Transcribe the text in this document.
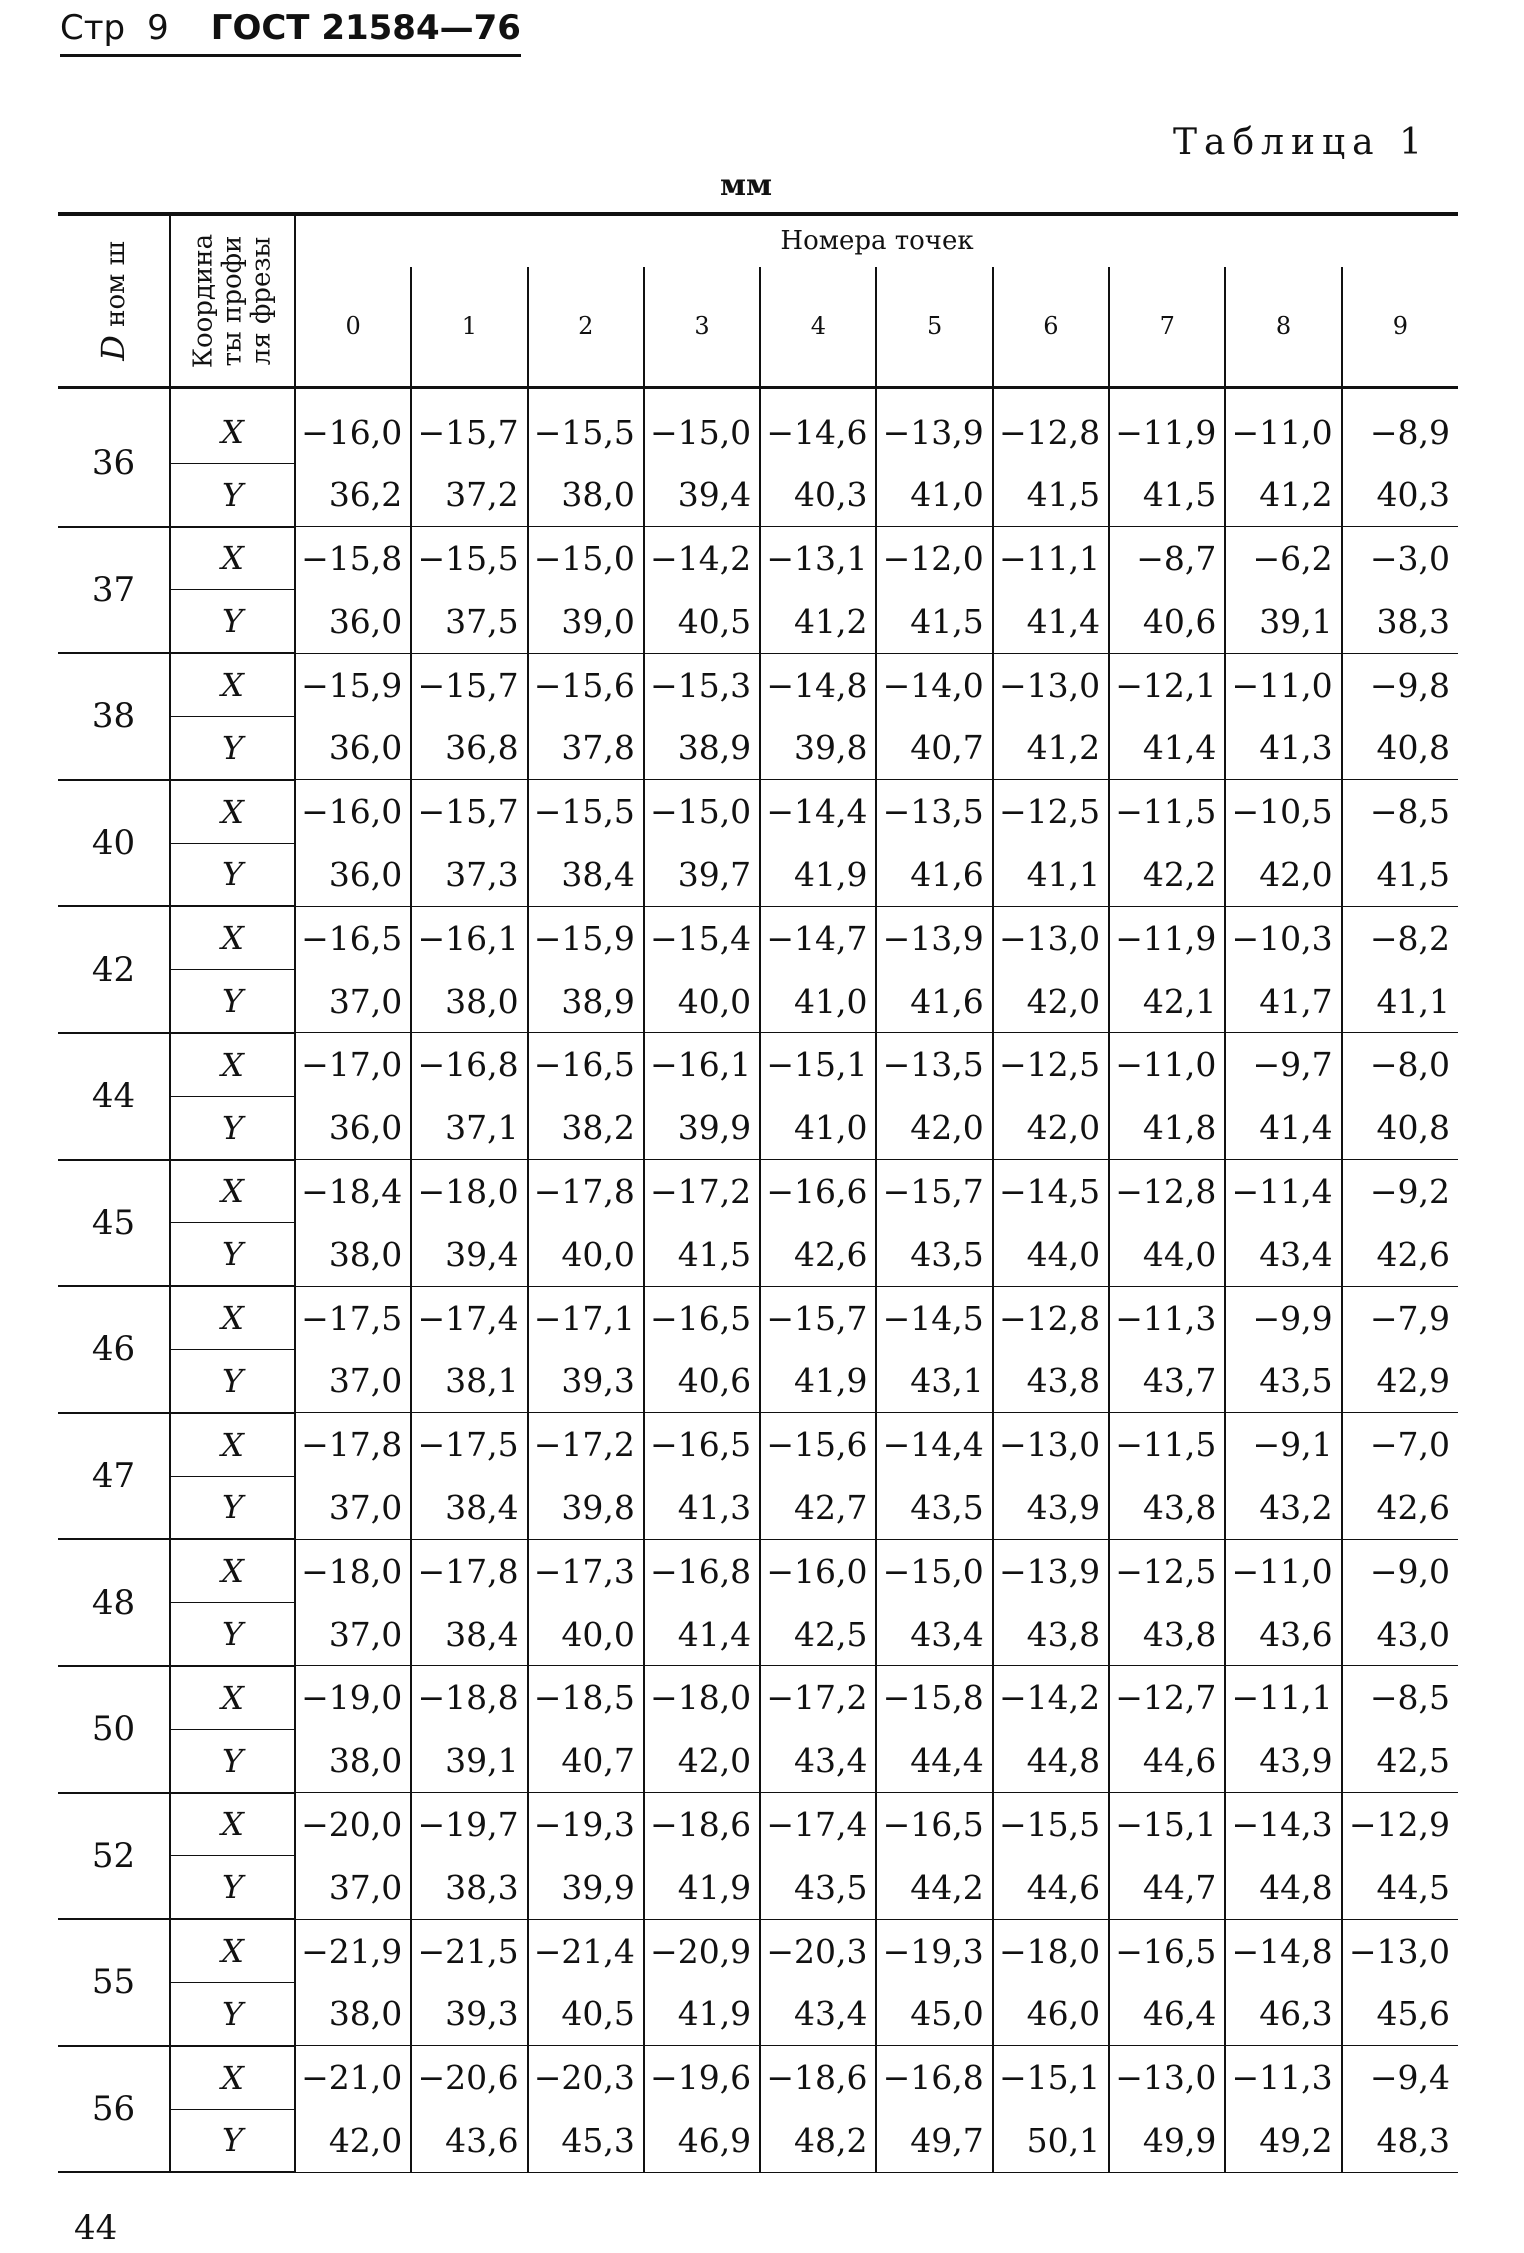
Стр 9 ГОСТ 21584—76
Таблица 1
мм
D ном ш	Координа ты профи ля фрезы	Номера точек									
		0	1	2	3	4	5	6	7	8	9
36	X	−16,0	−15,7	−15,5	−15,0	−14,6	−13,9	−12,8	−11,9	−11,0	−8,9
	Y	36,2	37,2	38,0	39,4	40,3	41,0	41,5	41,5	41,2	40,3
37	X	−15,8	−15,5	−15,0	−14,2	−13,1	−12,0	−11,1	−8,7	−6,2	−3,0
	Y	36,0	37,5	39,0	40,5	41,2	41,5	41,4	40,6	39,1	38,3
38	X	−15,9	−15,7	−15,6	−15,3	−14,8	−14,0	−13,0	−12,1	−11,0	−9,8
	Y	36,0	36,8	37,8	38,9	39,8	40,7	41,2	41,4	41,3	40,8
40	X	−16,0	−15,7	−15,5	−15,0	−14,4	−13,5	−12,5	−11,5	−10,5	−8,5
	Y	36,0	37,3	38,4	39,7	41,9	41,6	41,1	42,2	42,0	41,5
42	X	−16,5	−16,1	−15,9	−15,4	−14,7	−13,9	−13,0	−11,9	−10,3	−8,2
	Y	37,0	38,0	38,9	40,0	41,0	41,6	42,0	42,1	41,7	41,1
44	X	−17,0	−16,8	−16,5	−16,1	−15,1	−13,5	−12,5	−11,0	−9,7	−8,0
	Y	36,0	37,1	38,2	39,9	41,0	42,0	42,0	41,8	41,4	40,8
45	X	−18,4	−18,0	−17,8	−17,2	−16,6	−15,7	−14,5	−12,8	−11,4	−9,2
	Y	38,0	39,4	40,0	41,5	42,6	43,5	44,0	44,0	43,4	42,6
46	X	−17,5	−17,4	−17,1	−16,5	−15,7	−14,5	−12,8	−11,3	−9,9	−7,9
	Y	37,0	38,1	39,3	40,6	41,9	43,1	43,8	43,7	43,5	42,9
47	X	−17,8	−17,5	−17,2	−16,5	−15,6	−14,4	−13,0	−11,5	−9,1	−7,0
	Y	37,0	38,4	39,8	41,3	42,7	43,5	43,9	43,8	43,2	42,6
48	X	−18,0	−17,8	−17,3	−16,8	−16,0	−15,0	−13,9	−12,5	−11,0	−9,0
	Y	37,0	38,4	40,0	41,4	42,5	43,4	43,8	43,8	43,6	43,0
50	X	−19,0	−18,8	−18,5	−18,0	−17,2	−15,8	−14,2	−12,7	−11,1	−8,5
	Y	38,0	39,1	40,7	42,0	43,4	44,4	44,8	44,6	43,9	42,5
52	X	−20,0	−19,7	−19,3	−18,6	−17,4	−16,5	−15,5	−15,1	−14,3	−12,9
	Y	37,0	38,3	39,9	41,9	43,5	44,2	44,6	44,7	44,8	44,5
55	X	−21,9	−21,5	−21,4	−20,9	−20,3	−19,3	−18,0	−16,5	−14,8	−13,0
	Y	38,0	39,3	40,5	41,9	43,4	45,0	46,0	46,4	46,3	45,6
56	X	−21,0	−20,6	−20,3	−19,6	−18,6	−16,8	−15,1	−13,0	−11,3	−9,4
	Y	42,0	43,6	45,3	46,9	48,2	49,7	50,1	49,9	49,2	48,3
44
